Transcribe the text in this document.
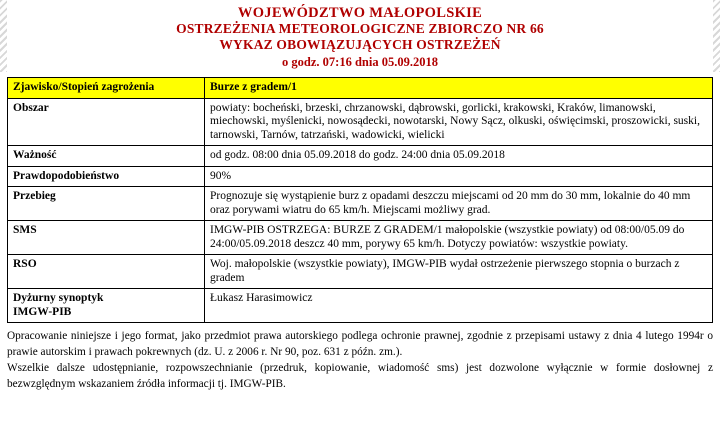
WOJEWÓDZTWO MAŁOPOLSKIE
OSTRZEŻENIA METEOROLOGICZNE ZBIORCZO NR 66
WYKAZ OBOWIĄZUJĄCYCH OSTRZEŻEŃ
o godz. 07:16 dnia 05.09.2018
Zjawisko/Stopień zagrożenia	Burze z gradem/1
Obszar	powiaty: bocheński, brzeski, chrzanowski, dąbrowski, gorlicki, krakowski, Kraków, limanowski, miechowski, myślenicki, nowosądecki, nowotarski, Nowy Sącz, olkuski, oświęcimski, proszowicki, suski, tarnowski, Tarnów, tatrzański, wadowicki, wielicki
Ważność	od godz. 08:00 dnia 05.09.2018 do godz. 24:00 dnia 05.09.2018
Prawdopodobieństwo	90%
Przebieg	Prognozuje się wystąpienie burz z opadami deszczu miejscami od 20 mm do 30 mm, lokalnie do 40 mm oraz porywami wiatru do 65 km/h. Miejscami możliwy grad.
SMS	IMGW-PIB OSTRZEGA: BURZE Z GRADEM/1 małopolskie (wszystkie powiaty) od 08:00/05.09 do 24:00/05.09.2018 deszcz 40 mm, porywy 65 km/h. Dotyczy powiatów: wszystkie powiaty.
RSO	Woj. małopolskie (wszystkie powiaty), IMGW-PIB wydał ostrzeżenie pierwszego stopnia o burzach z gradem

Dyżurny synoptyk
IMGW-PIB	Łukasz Harasimowicz

Opracowanie niniejsze i jego format, jako przedmiot prawa autorskiego podlega ochronie prawnej, zgodnie z przepisami ustawy z dnia 4 lutego 1994r o prawie autorskim i prawach pokrewnych (dz. U. z 2006 r. Nr 90, poz. 631 z późn. zm.).

Wszelkie dalsze udostępnianie, rozpowszechnianie (przedruk, kopiowanie, wiadomość sms) jest dozwolone wyłącznie w formie dosłownej z bezwzględnym wskazaniem źródła informacji tj. IMGW-PIB.
